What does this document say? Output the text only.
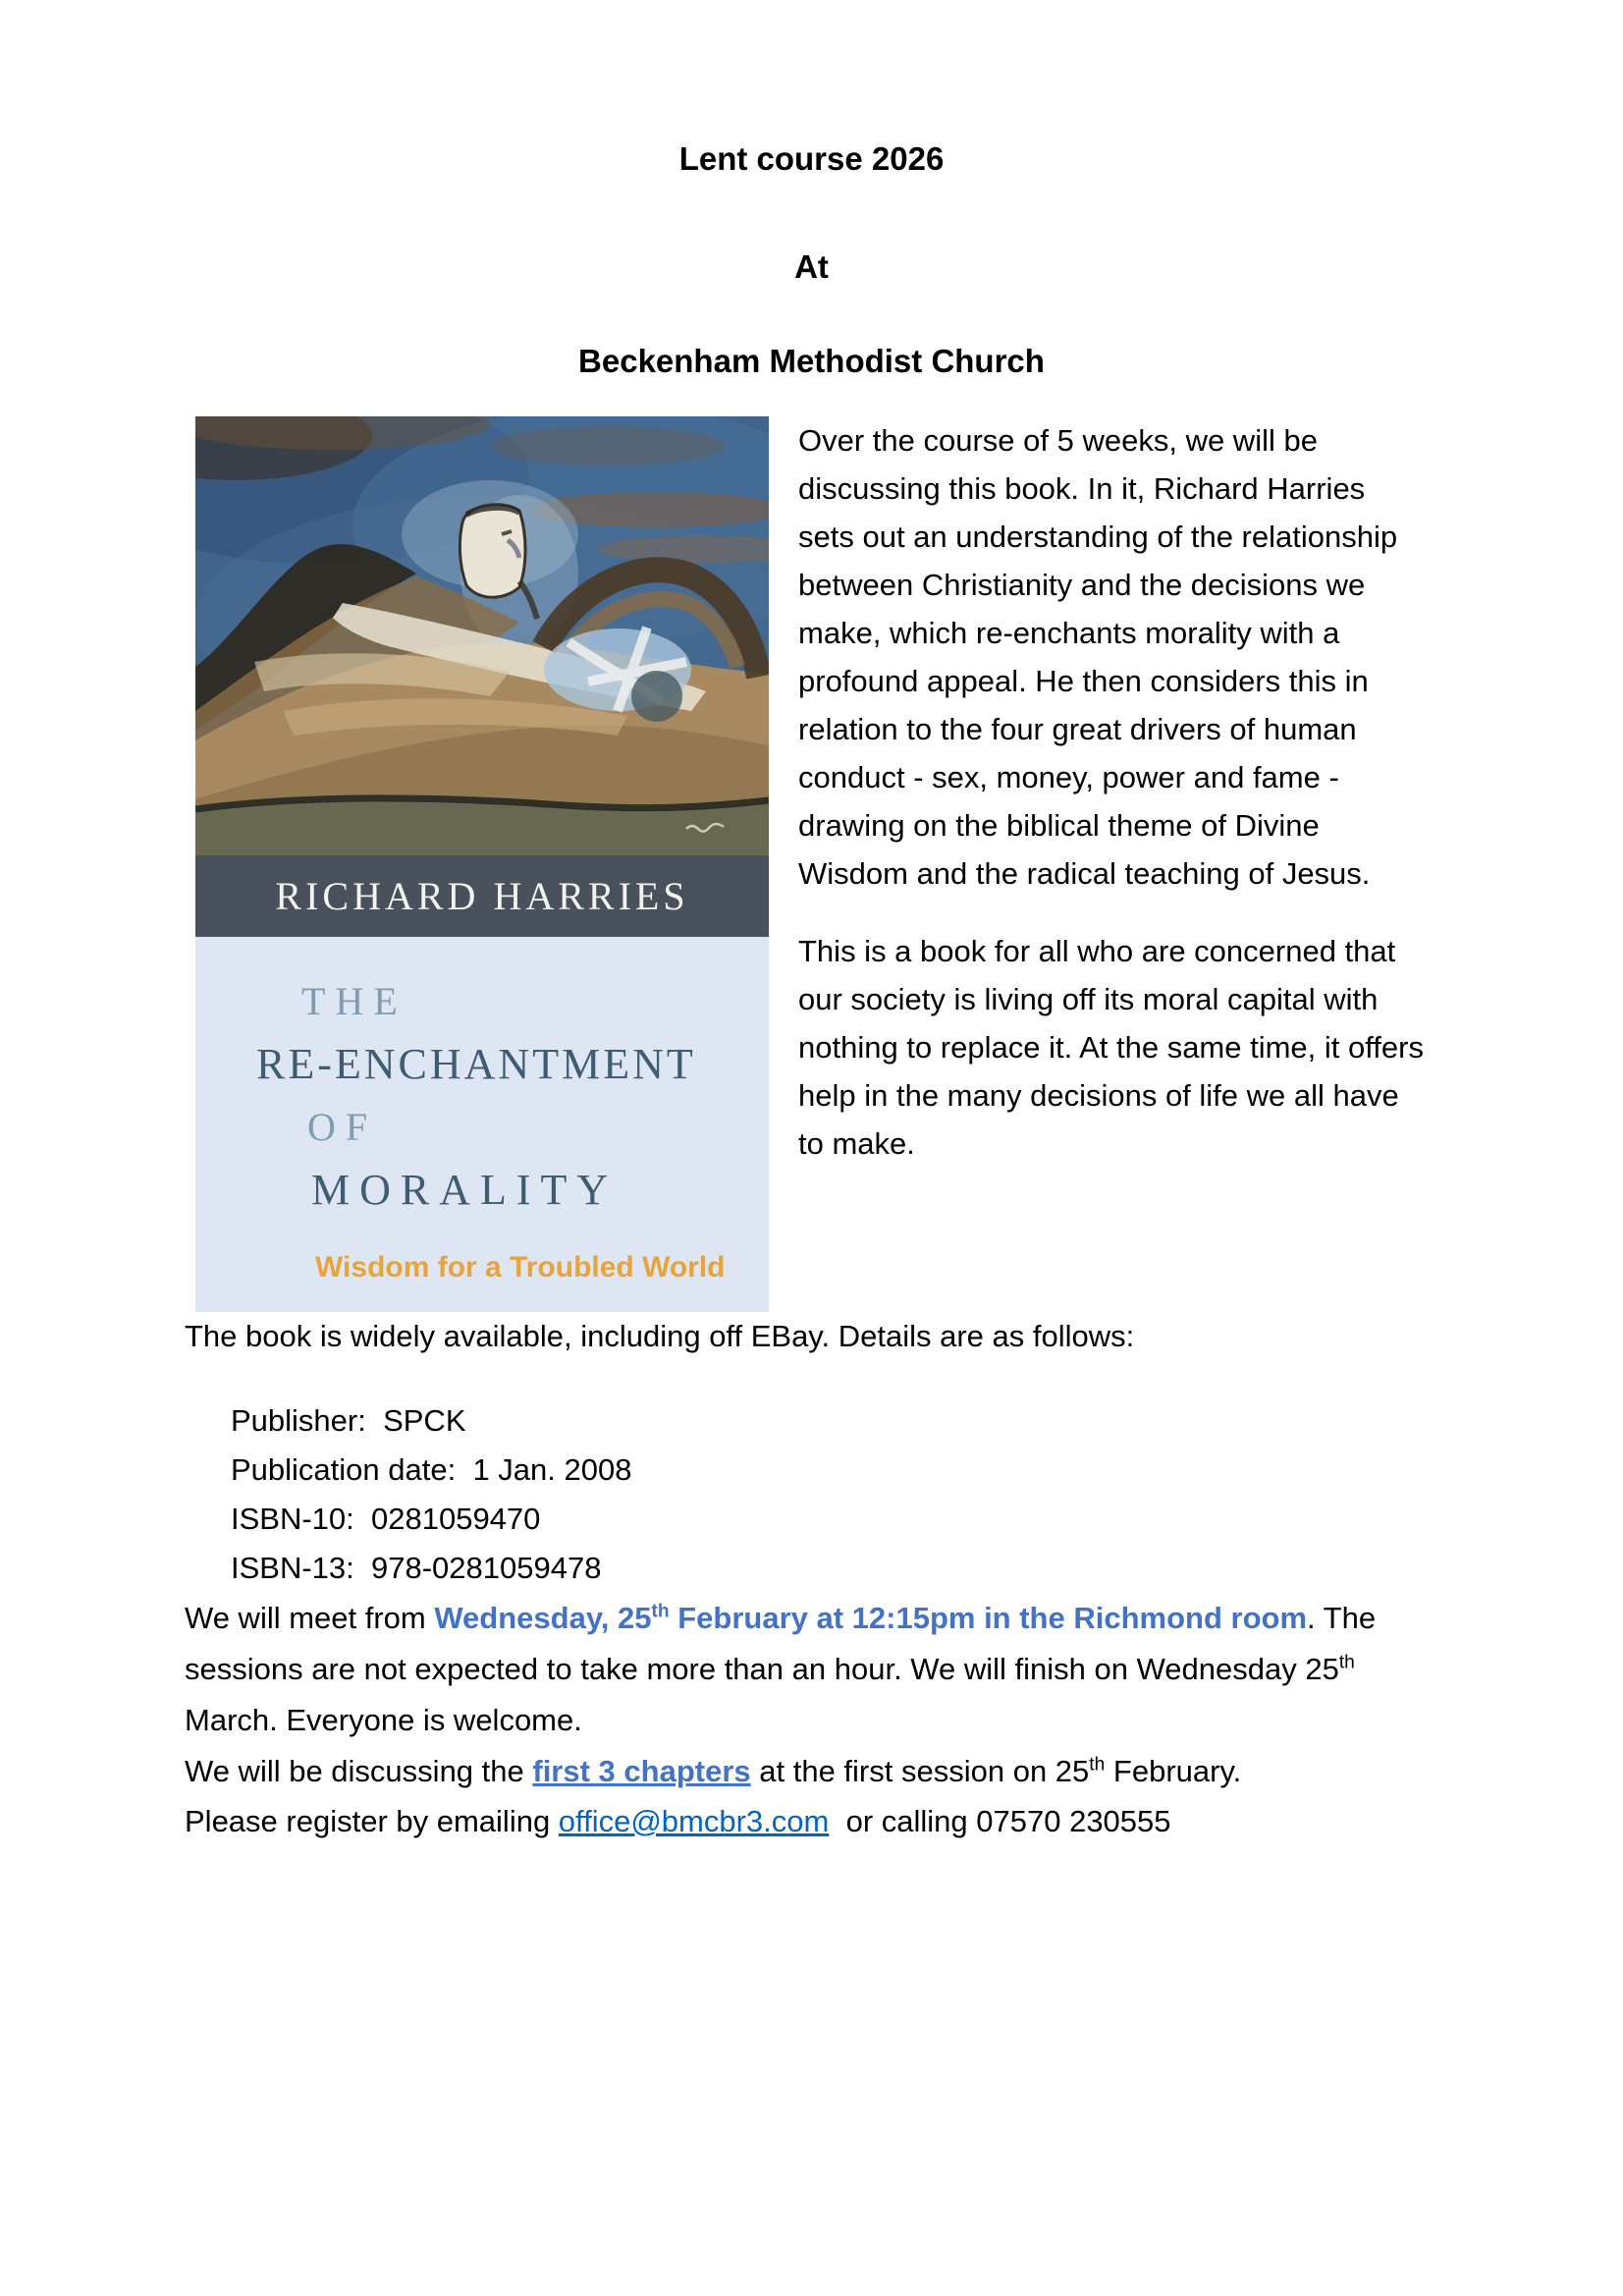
Lent course 2026
At
Beckenham Methodist Church
RICHARD HARRIES
THE
RE-ENCHANTMENT
OF
MORALITY
Wisdom for a Troubled World

Over the course of 5 weeks, we will be discussing this book. In it, Richard Harries sets out an understanding of the relationship between Christianity and the decisions we make, which re-enchants morality with a profound appeal. He then considers this in relation to the four great drivers of human conduct - sex, money, power and fame - drawing on the biblical theme of Divine Wisdom and the radical teaching of Jesus.

This is a book for all who are concerned that our society is living off its moral capital with nothing to replace it. At the same time, it offers help in the many decisions of life we all have to make.

The book is widely available, including off EBay. Details are as follows:

Publisher:  SPCK
Publication date:  1 Jan. 2008
ISBN-10:  0281059470
ISBN-13:  978-0281059478

We will meet from Wednesday, 25th February at 12:15pm in the Richmond room. The sessions are not expected to take more than an hour. We will finish on Wednesday 25th March. Everyone is welcome.

We will be discussing the first 3 chapters at the first session on 25th February.

Please register by emailing office@bmcbr3.com  or calling 07570 230555
